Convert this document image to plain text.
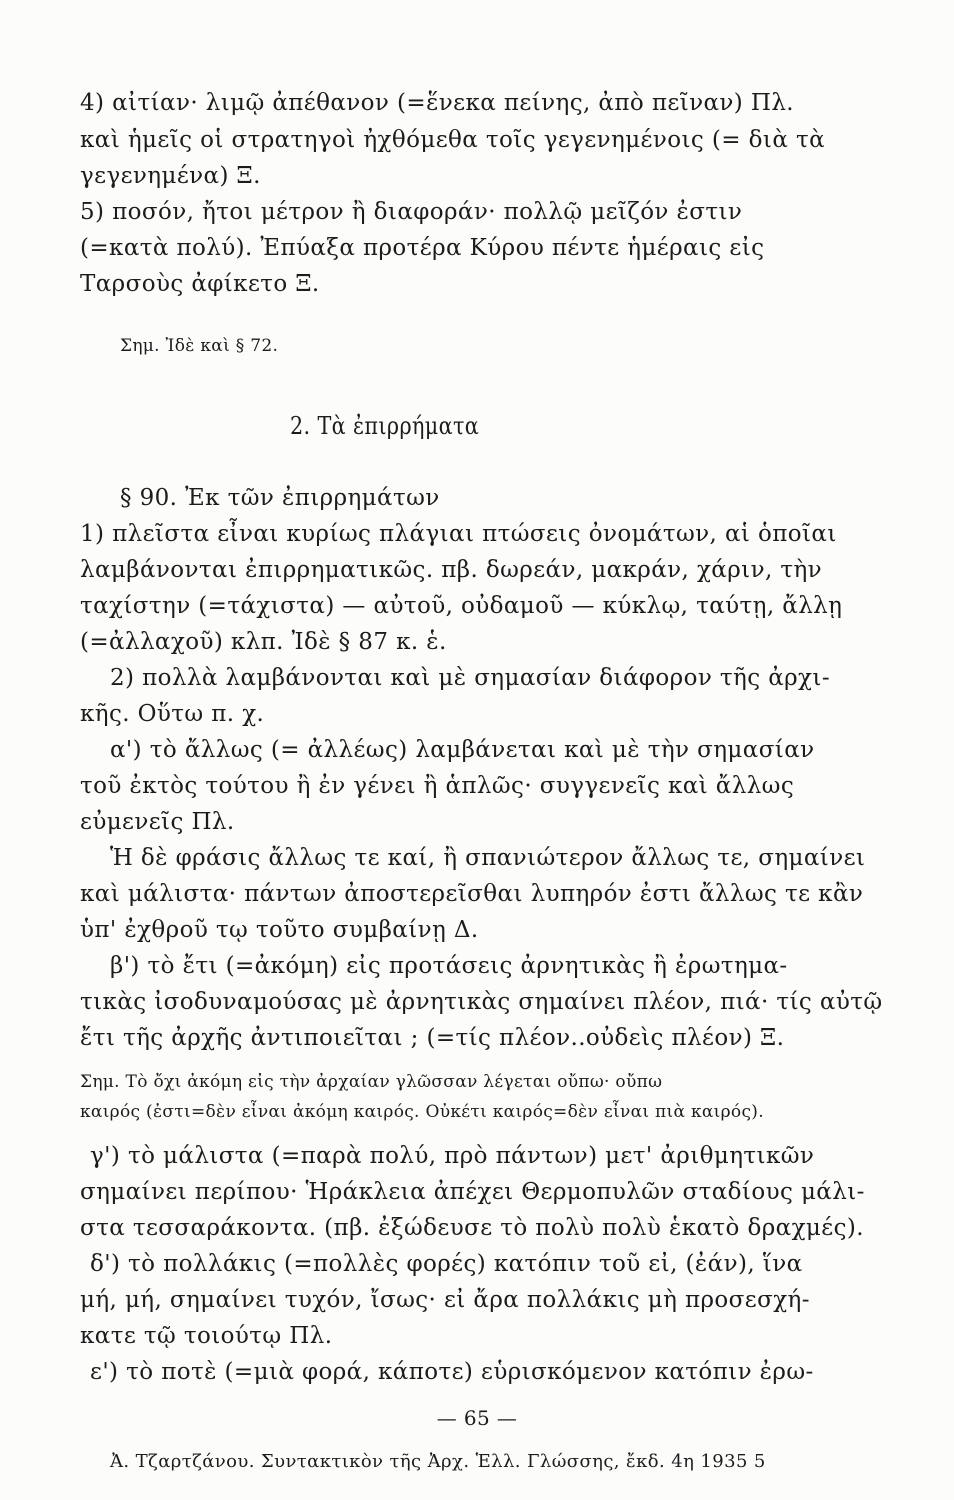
4) αἰτίαν· λιμῷ ἀπέθανον (=ἕνεκα πείνης, ἀπὸ πεῖναν) Πλ.
καὶ ἡμεῖς οἱ στρατηγοὶ ἠχθόμεθα τοῖς γεγενημένοις (= διὰ τὰ
γεγενημένα) Ξ.
5) ποσόν, ἤτοι μέτρον ἢ διαφοράν· πολλῷ μεῖζόν ἐστιν
(=κατὰ πολύ). Ἐπύαξα προτέρα Κύρου πέντε ἡμέραις εἰς
Ταρσοὺς ἀφίκετο Ξ.
Σημ. Ἰδὲ καὶ § 72.
2. Τὰ ἐπιρρήματα
§ 90. Ἐκ τῶν ἐπιρρημάτων
1) πλεῖστα εἶναι κυρίως πλάγιαι πτώσεις ὀνομάτων, αἱ ὁποῖαι
λαμβάνονται ἐπιρρηματικῶς. πβ. δωρεάν, μακράν, χάριν, τὴν
ταχίστην (=τάχιστα) — αὐτοῦ, οὐδαμοῦ — κύκλῳ, ταύτῃ, ἄλλῃ
(=ἀλλαχοῦ) κλπ. Ἰδὲ § 87 κ. ἑ.
2) πολλὰ λαμβάνονται καὶ μὲ σημασίαν διάφορον τῆς ἀρχι-
κῆς. Οὕτω π. χ.
α') τὸ ἄλλως (= ἀλλέως) λαμβάνεται καὶ μὲ τὴν σημασίαν
τοῦ ἐκτὸς τούτου ἢ ἐν γένει ἢ ἁπλῶς· συγγενεῖς καὶ ἄλλως
εὐμενεῖς Πλ.
Ἡ δὲ φράσις ἄλλως τε καί, ἢ σπανιώτερον ἄλλως τε, σημαίνει
καὶ μάλιστα· πάντων ἀποστερεῖσθαι λυπηρόν ἐστι ἄλλως τε κἂν
ὑπ' ἐχθροῦ τῳ τοῦτο συμβαίνῃ Δ.
β') τὸ ἔτι (=ἀκόμη) εἰς προτάσεις ἀρνητικὰς ἢ ἐρωτημα-
τικὰς ἰσοδυναμούσας μὲ ἀρνητικὰς σημαίνει πλέον, πιά· τίς αὐτῷ
ἔτι τῆς ἀρχῆς ἀντιποιεῖται ; (=τίς πλέον..οὐδεὶς πλέον) Ξ.
Σημ. Τὸ ὄχι ἀκόμη εἰς τὴν ἀρχαίαν γλῶσσαν λέγεται οὔπω· οὔπω
καιρός (ἐστι=δὲν εἶναι ἀκόμη καιρός. Οὐκέτι καιρός=δὲν εἶναι πιὰ καιρός).
γ') τὸ μάλιστα (=παρὰ πολύ, πρὸ πάντων) μετ' ἀριθμητικῶν
σημαίνει περίπου· Ἡράκλεια ἀπέχει Θερμοπυλῶν σταδίους μάλι-
στα τεσσαράκοντα. (πβ. ἐξώδευσε τὸ πολὺ πολὺ ἑκατὸ δραχμές).
δ') τὸ πολλάκις (=πολλὲς φορές) κατόπιν τοῦ εἰ, (ἐάν), ἵνα
μή, μή, σημαίνει τυχόν, ἴσως· εἰ ἄρα πολλάκις μὴ προσεσχή-
κατε τῷ τοιούτῳ Πλ.
ε') τὸ ποτὲ (=μιὰ φορά, κάποτε) εὑρισκόμενον κατόπιν ἐρω-
— 65 —
Ἀ. Τζαρτζάνου. Συντακτικὸν τῆς Ἀρχ. Ἑλλ. Γλώσσης, ἔκδ. 4η 1935 5
